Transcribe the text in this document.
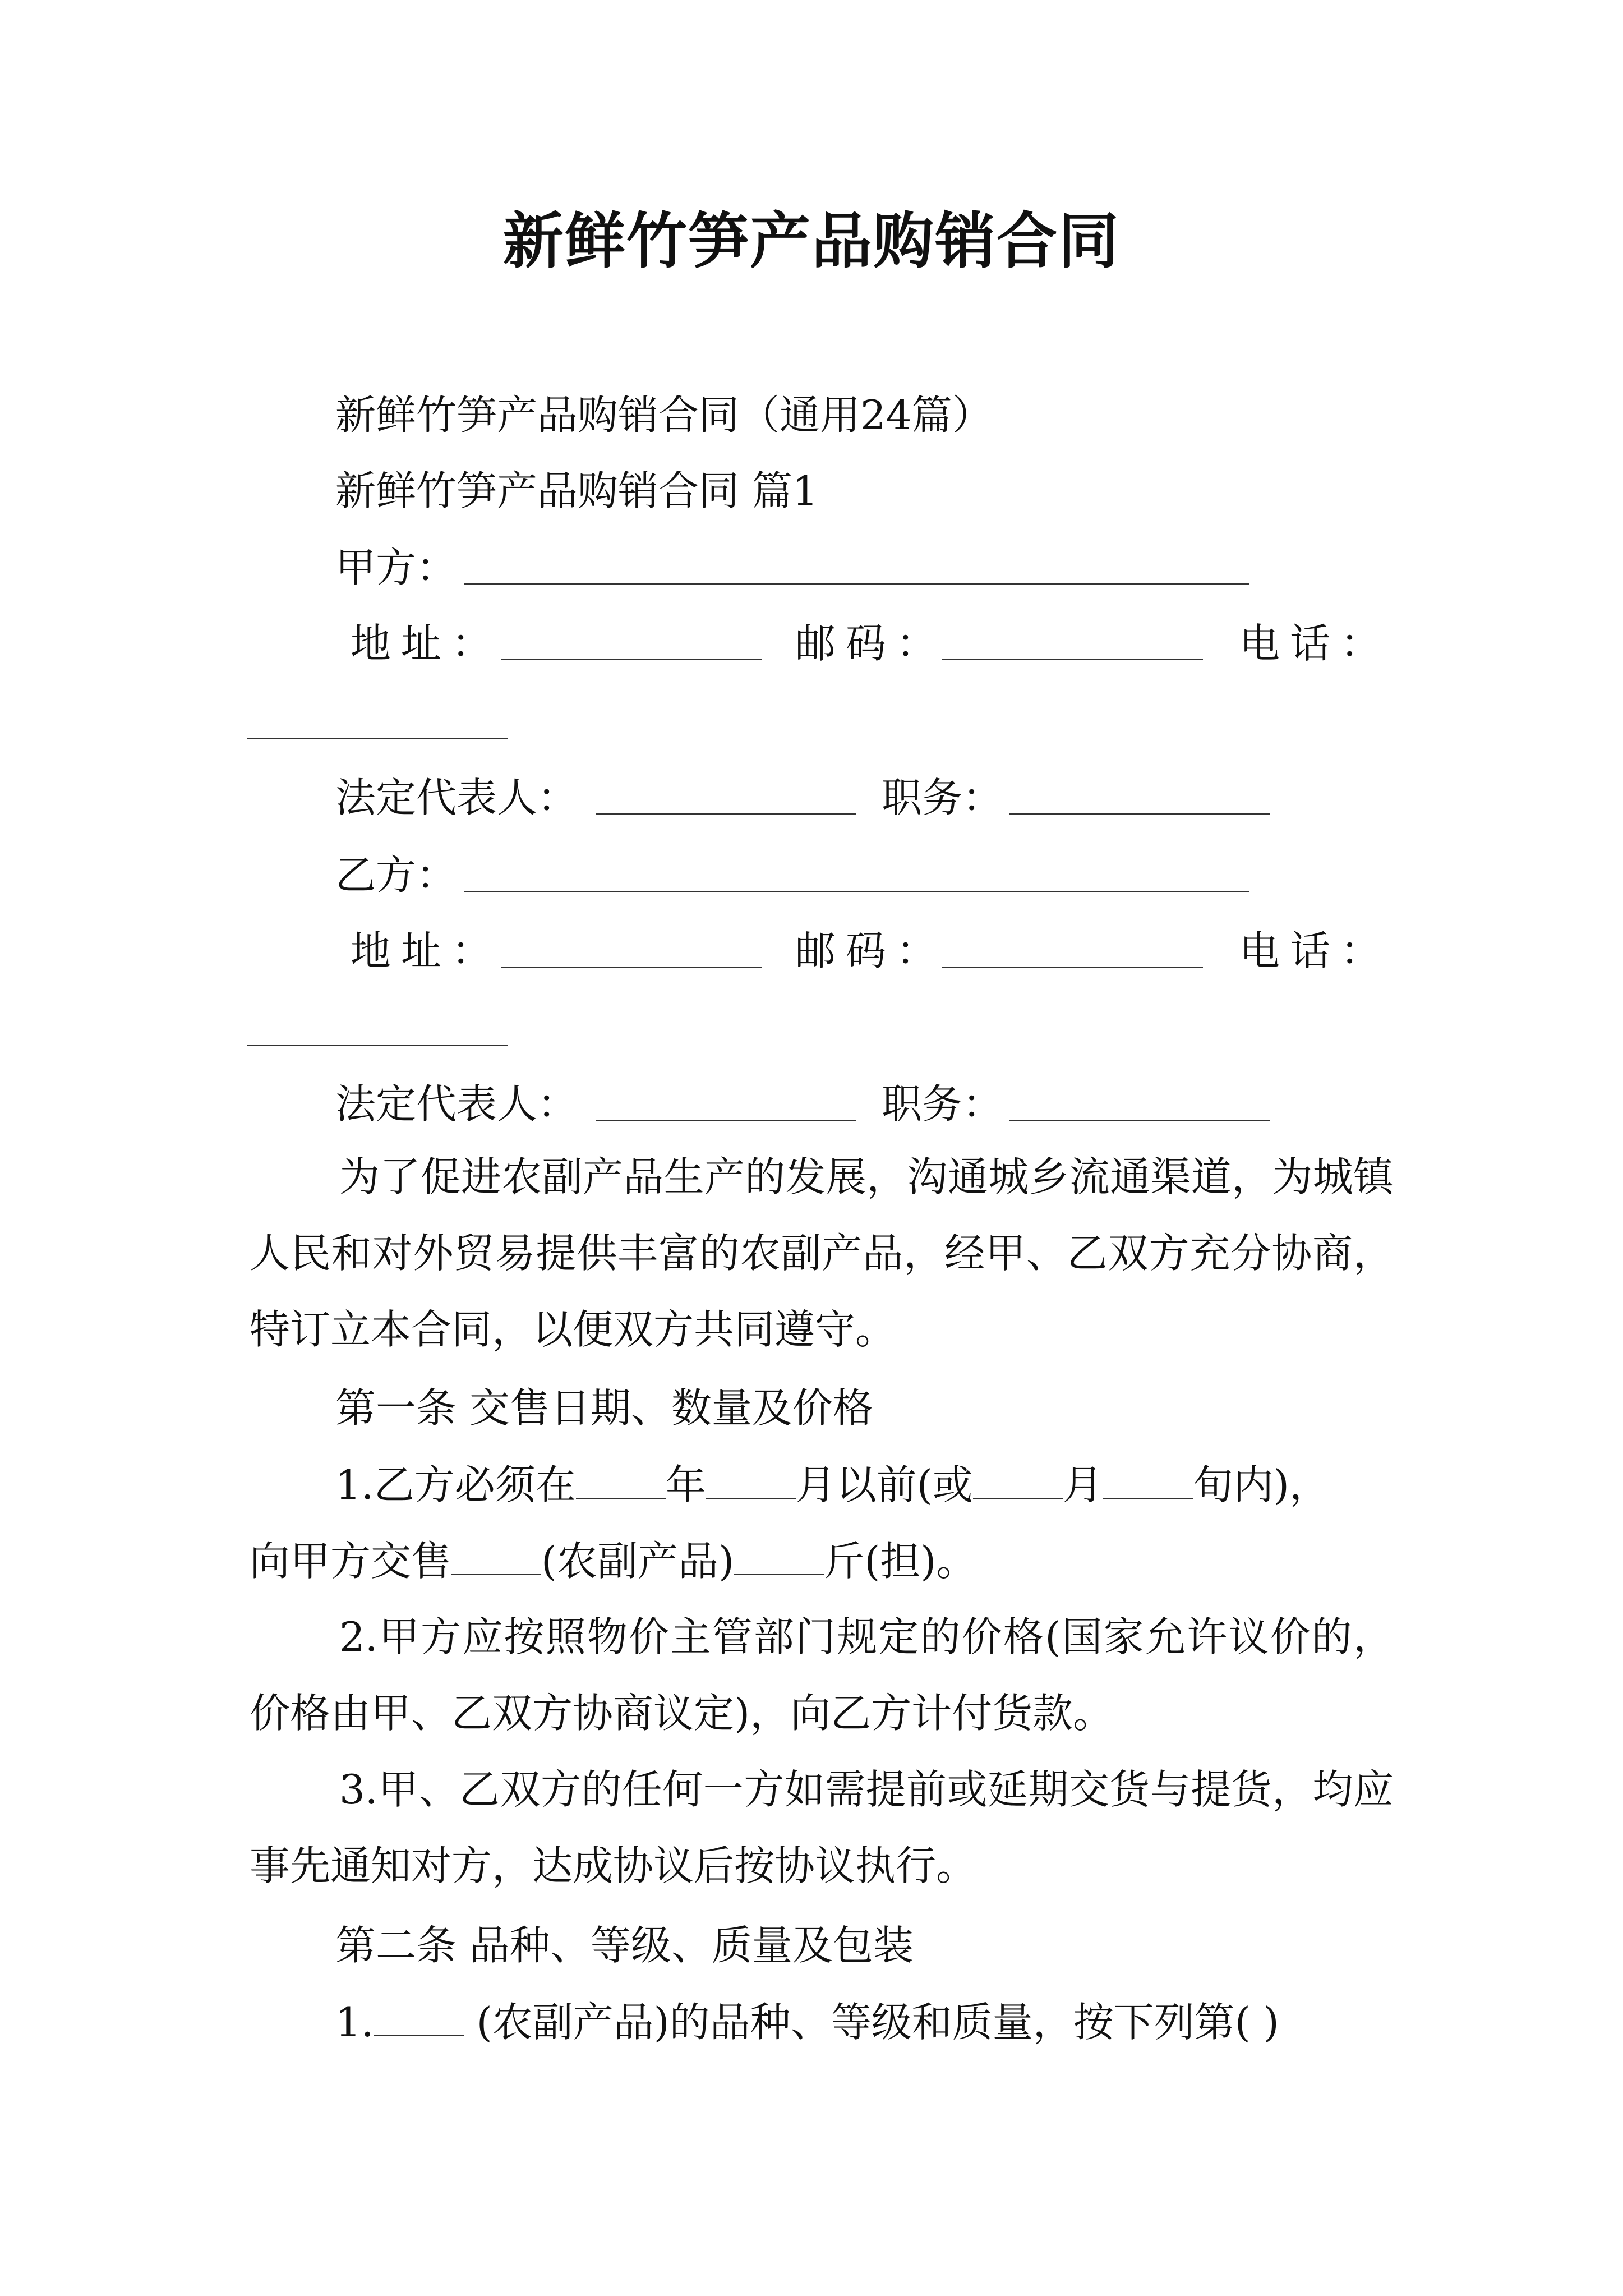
新鲜竹笋产品购销合同
新鲜竹笋产品购销合同（通用24篇）
新鲜竹笋产品购销合同 篇1
甲方：
地址：	邮码：	电话：
法定代表人：	职务：
乙方：
地址：	邮码：	电话：
法定代表人：	职务：

为了促进农副产品生产的发展，沟通城乡流通渠道，为城镇人民和对外贸易提供丰富的农副产品，经甲、乙双方充分协商，特订立本合同，以便双方共同遵守。

第一条 交售日期、数量及价格
1.乙方必须在 年 月以前(或 月 旬内)，
向甲方交售 (农副产品) 斤(担)。

2.甲方应按照物价主管部门规定的价格(国家允许议价的，价格由甲、乙双方协商议定)，向乙方计付货款。

3.甲、乙双方的任何一方如需提前或延期交货与提货，均应事先通知对方，达成协议后按协议执行。

第二条 品种、等级、质量及包装
1. (农副产品)的品种、等级和质量，按下列第( )
